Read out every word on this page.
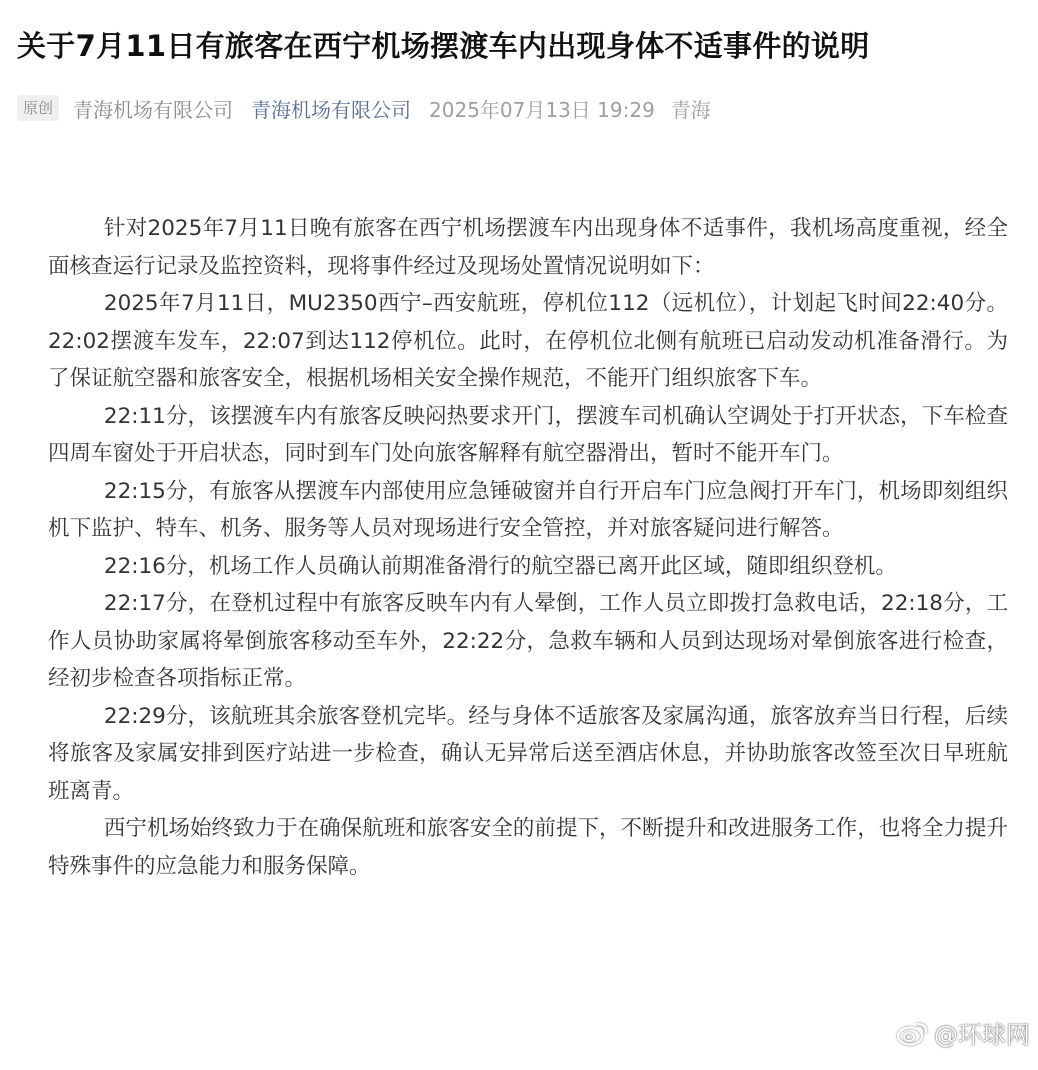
关于7月11日有旅客在西宁机场摆渡车内出现身体不适事件的说明
原创	青海机场有限公司 青海机场有限公司 2025年07月13日 19:29 青海

针对2025年7月11日晚有旅客在西宁机场摆渡车内出现身体不适事件，我机场高度重视，经全面核查运行记录及监控资料，现将事件经过及现场处置情况说明如下：

2025年7月11日，MU2350西宁–西安航班，停机位112（远机位），计划起飞时间22:40分。22:02摆渡车发车，22:07到达112停机位。此时，在停机位北侧有航班已启动发动机准备滑行。为了保证航空器和旅客安全，根据机场相关安全操作规范，不能开门组织旅客下车。

22:11分，该摆渡车内有旅客反映闷热要求开门，摆渡车司机确认空调处于打开状态，下车检查四周车窗处于开启状态，同时到车门处向旅客解释有航空器滑出，暂时不能开车门。

22:15分，有旅客从摆渡车内部使用应急锤破窗并自行开启车门应急阀打开车门，机场即刻组织机下监护、特车、机务、服务等人员对现场进行安全管控，并对旅客疑问进行解答。

22:16分，机场工作人员确认前期准备滑行的航空器已离开此区域，随即组织登机。

22:17分，在登机过程中有旅客反映车内有人晕倒，工作人员立即拨打急救电话，22:18分，工作人员协助家属将晕倒旅客移动至车外，22:22分，急救车辆和人员到达现场对晕倒旅客进行检查，经初步检查各项指标正常。

22:29分，该航班其余旅客登机完毕。经与身体不适旅客及家属沟通，旅客放弃当日行程，后续将旅客及家属安排到医疗站进一步检查，确认无异常后送至酒店休息，并协助旅客改签至次日早班航班离青。

西宁机场始终致力于在确保航班和旅客安全的前提下，不断提升和改进服务工作，也将全力提升特殊事件的应急能力和服务保障。

@环球网
